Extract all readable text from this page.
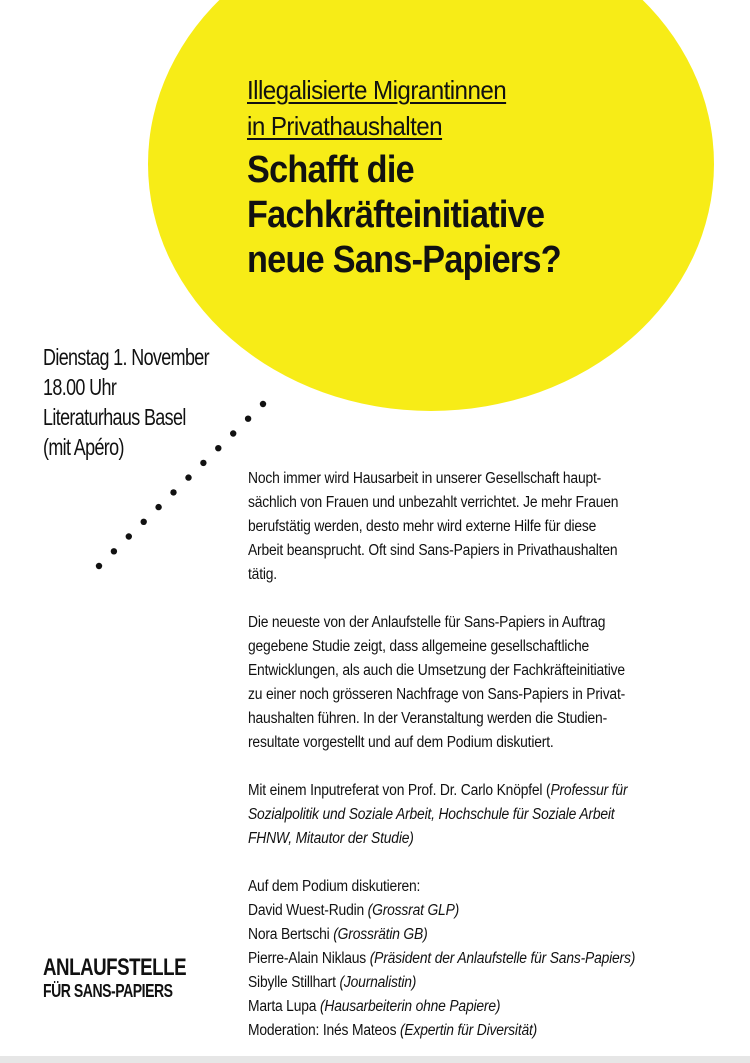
Illegalisierte Migrantinnen
in Privathaushalten
Schafft die
Fachkräfteinitiative
neue Sans-Papiers?
Dienstag 1. November
18.00 Uhr
Literaturhaus Basel
(mit Apéro)
Noch immer wird Hausarbeit in unserer Gesellschaft haupt-
sächlich von Frauen und unbezahlt verrichtet. Je mehr Frauen
berufstätig werden, desto mehr wird externe Hilfe für diese
Arbeit beansprucht. Oft sind Sans-Papiers in Privathaushalten
tätig.
Die neueste von der Anlaufstelle für Sans-Papiers in Auftrag
gegebene Studie zeigt, dass allgemeine gesellschaftliche
Entwicklungen, als auch die Umsetzung der Fachkräfteinitiative
zu einer noch grösseren Nachfrage von Sans-Papiers in Privat-
haushalten führen. In der Veranstaltung werden die Studien-
resultate vorgestellt und auf dem Podium diskutiert.
Mit einem Inputreferat von Prof. Dr. Carlo Knöpfel (Professur für
Sozialpolitik und Soziale Arbeit, Hochschule für Soziale Arbeit
FHNW, Mitautor der Studie)
Auf dem Podium diskutieren:
David Wuest-Rudin (Grossrat GLP)
Nora Bertschi (Grossrätin GB)
Pierre-Alain Niklaus (Präsident der Anlaufstelle für Sans-Papiers)
Sibylle Stillhart (Journalistin)
Marta Lupa (Hausarbeiterin ohne Papiere)
Moderation: Inés Mateos (Expertin für Diversität)
ANLAUFSTELLE
FÜR SANS-PAPIERS
